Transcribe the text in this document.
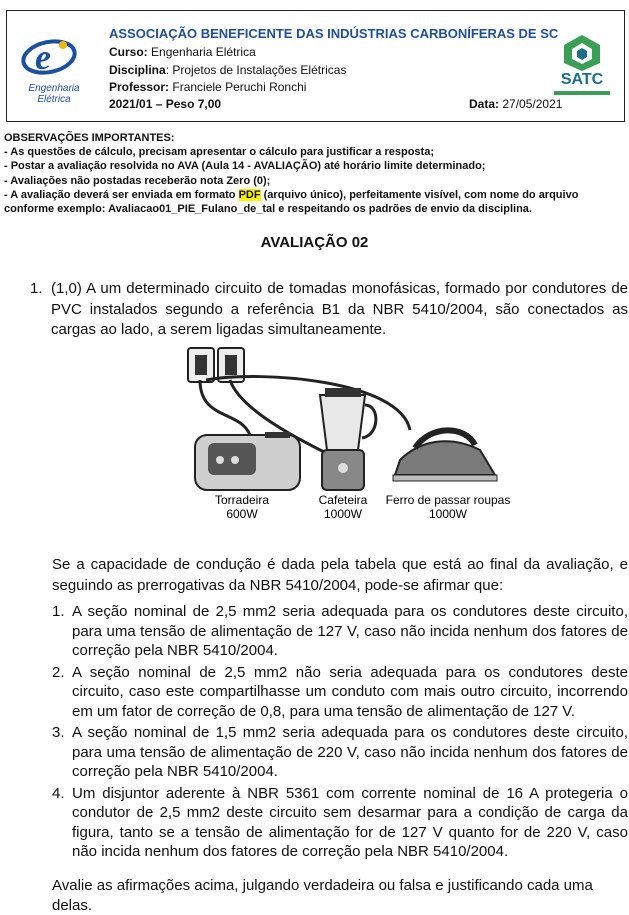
e
Engenharia
Elétrica
ASSOCIAÇÃO BENEFICENTE DAS INDÚSTRIAS CARBONÍFERAS DE SC
Curso: Engenharia Elétrica
Disciplina: Projetos de Instalações Elétricas
Professor: Franciele Peruchi Ronchi
2021/01 – Peso 7,00	Data: 27/05/2021
SATC
OBSERVAÇÕES IMPORTANTES:
- As questões de cálculo, precisam apresentar o cálculo para justificar a resposta;
- Postar a avaliação resolvida no AVA (Aula 14 - AVALIAÇÃO) até horário limite determinado;
- Avaliações não postadas receberão nota Zero (0);
- A avaliação deverá ser enviada em formato PDF (arquivo único), perfeitamente visível, com nome do arquivo conforme exemplo: Avaliacao01_PIE_Fulano_de_tal e respeitando os padrões de envio da disciplina.
AVALIAÇÃO 02
1. (1,0) A um determinado circuito de tomadas monofásicas, formado por condutores de PVC instalados segundo a referência B1 da NBR 5410/2004, são conectados as cargas ao lado, a serem ligadas simultaneamente.
Torradeira
600W
Cafeteira
1000W
Ferro de passar roupas
1000W
Se a capacidade de condução é dada pela tabela que está ao final da avaliação, e seguindo as prerrogativas da NBR 5410/2004, pode-se afirmar que:
1. A seção nominal de 2,5 mm2 seria adequada para os condutores deste circuito, para uma tensão de alimentação de 127 V, caso não incida nenhum dos fatores de correção pela NBR 5410/2004.
2. A seção nominal de 2,5 mm2 não seria adequada para os condutores deste circuito, caso este compartilhasse um conduto com mais outro circuito, incorrendo em um fator de correção de 0,8, para uma tensão de alimentação de 127 V.
3. A seção nominal de 1,5 mm2 seria adequada para os condutores deste circuito, para uma tensão de alimentação de 220 V, caso não incida nenhum dos fatores de correção pela NBR 5410/2004.
4. Um disjuntor aderente à NBR 5361 com corrente nominal de 16 A protegeria o condutor de 2,5 mm2 deste circuito sem desarmar para a condição de carga da figura, tanto se a tensão de alimentação for de 127 V quanto for de 220 V, caso não incida nenhum dos fatores de correção pela NBR 5410/2004.
Avalie as afirmações acima, julgando verdadeira ou falsa e justificando cada uma delas.
